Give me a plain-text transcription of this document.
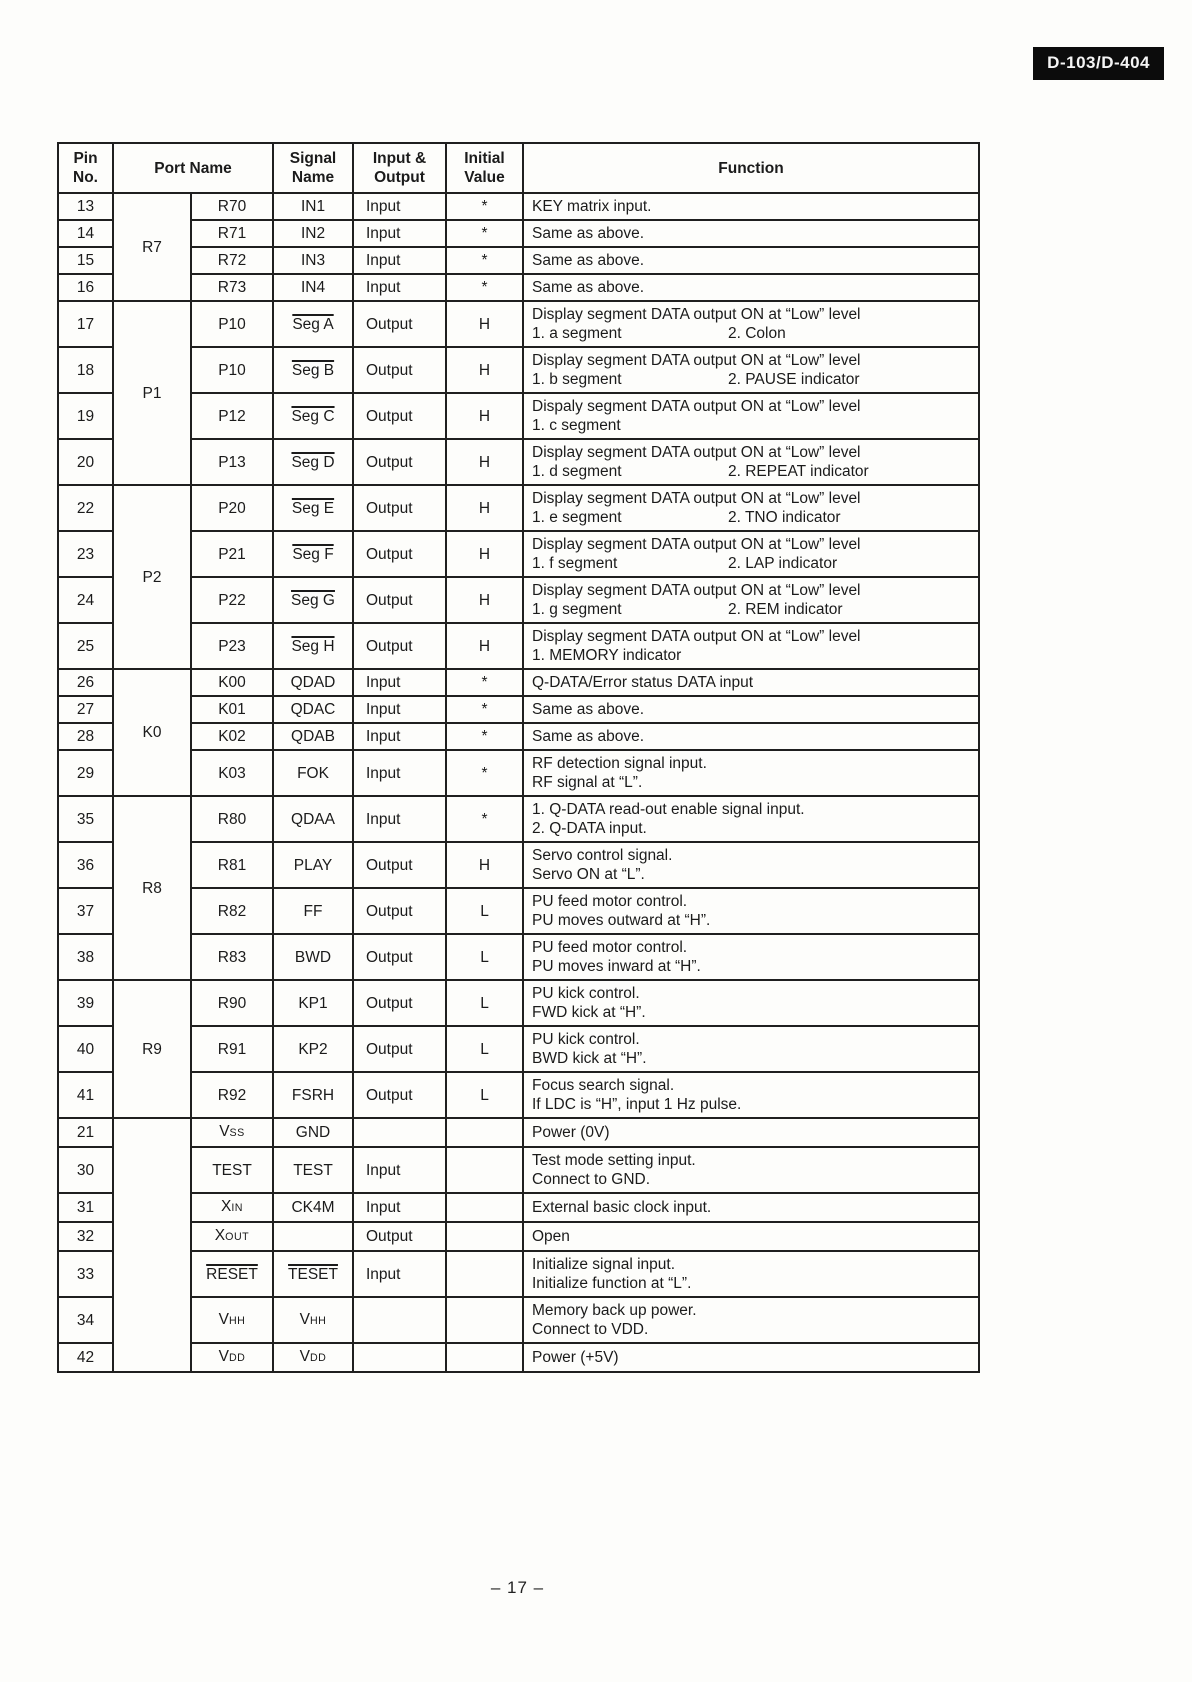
D-103/D-404
Pin
No.
	Port Name	
Signal
Name

Input &
Output

Initial
Value
	Function
13	R7	R70	IN1	Input	*	KEY matrix input.

14		R71	IN2	Input	*	Same as above.

15		R72	IN3	Input	*	Same as above.

16		R73	IN4	Input	*	Same as above.

17	P1	P10	Seg A	Output	H	Display segment DATA output ON at “Low” level
1. a segment 2. Colon

18		P10	Seg B	Output	H	Display segment DATA output ON at “Low” level
1. b segment 2. PAUSE indicator

19		P12	Seg C	Output	H	Dispaly segment DATA output ON at “Low” level
1. c segment

20		P13	Seg D	Output	H	Display segment DATA output ON at “Low” level
1. d segment 2. REPEAT indicator

22	P2	P20	Seg E	Output	H	Display segment DATA output ON at “Low” level
1. e segment 2. TNO indicator

23		P21	Seg F	Output	H	Display segment DATA output ON at “Low” level
1. f segment 2. LAP indicator

24		P22	Seg G	Output	H	Display segment DATA output ON at “Low” level
1. g segment 2. REM indicator

25		P23	Seg H	Output	H	Display segment DATA output ON at “Low” level
1. MEMORY indicator

26	K0	K00	QDAD	Input	*	Q-DATA/Error status DATA input

27		K01	QDAC	Input	*	Same as above.

28		K02	QDAB	Input	*	Same as above.

29		K03	FOK	Input	*	RF detection signal input.
RF signal at “L”.

35	R8	R80	QDAA	Input	*	1. Q-DATA read-out enable signal input.
2. Q-DATA input.

36		R81	PLAY	Output	H	Servo control signal.
Servo ON at “L”.

37		R82	FF	Output	L	PU feed motor control.
PU moves outward at “H”.

38		R83	BWD	Output	L	PU feed motor control.
PU moves inward at “H”.

39	R9	R90	KP1	Output	L	PU kick control.
FWD kick at “H”.

40		R91	KP2	Output	L	PU kick control.
BWD kick at “H”.

41		R92	FSRH	Output	L	Focus search signal.
If LDC is “H”, input 1 Hz pulse.

21		VSS	GND			Power (0V)

30		TEST	TEST	Input		Test mode setting input.
Connect to GND.

31		XIN	CK4M	Input		External basic clock input.

32		XOUT		Output		Open

33		RESET	TESET	Input		Initialize signal input.
Initialize function at “L”.

34		VHH	VHH			Memory back up power.
Connect to VDD.

42		VDD	VDD			Power (+5V)
– 17 –
